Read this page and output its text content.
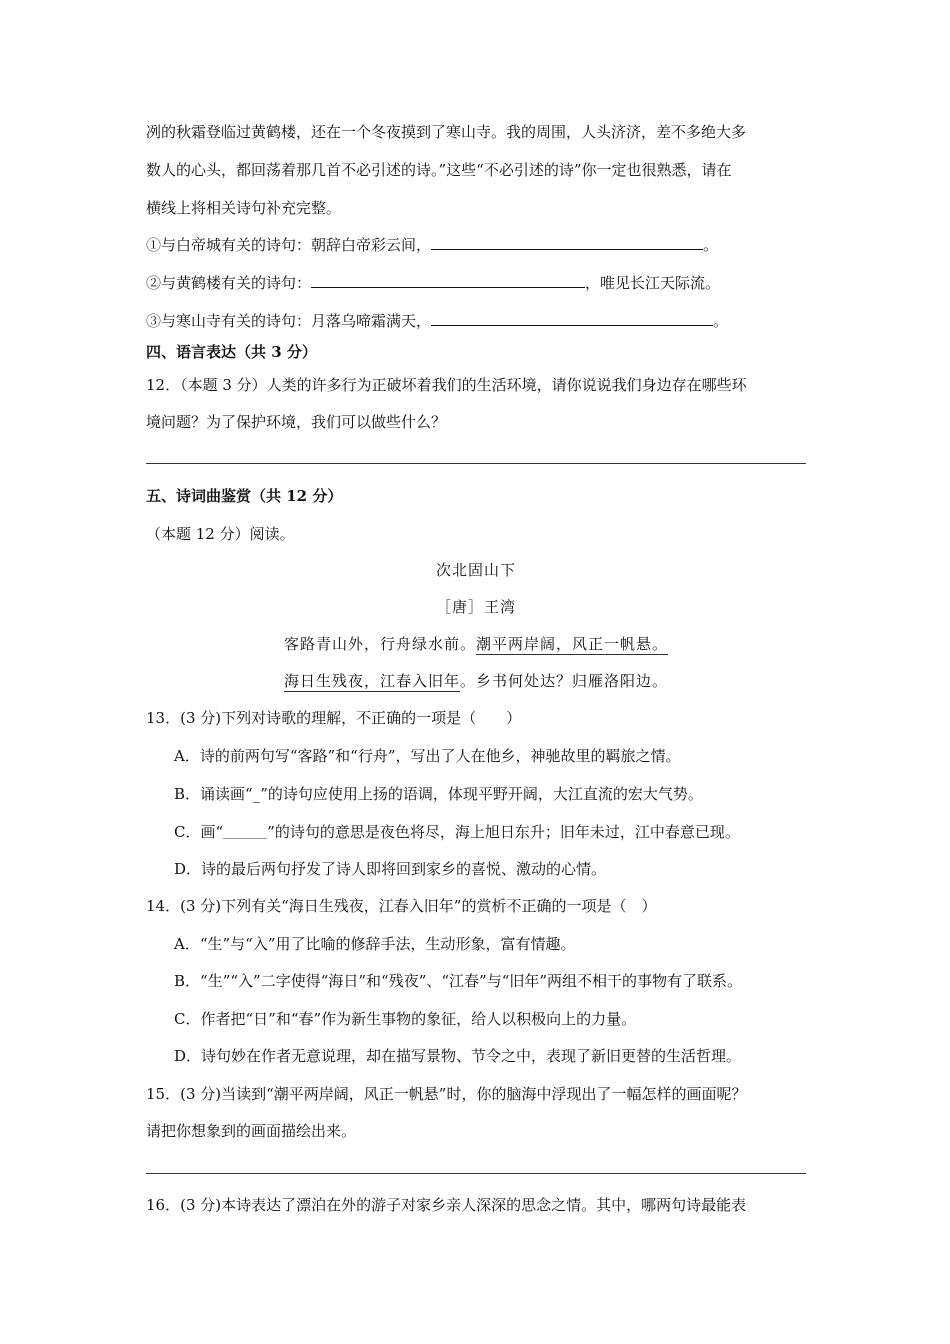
冽的秋霜登临过黄鹤楼，还在一个冬夜摸到了寒山寺。我的周围，人头济济，差不多绝大多
数人的心头，都回荡着那几首不必引述的诗。”这些“不必引述的诗”你一定也很熟悉，请在
横线上将相关诗句补充完整。
①与白帝城有关的诗句：朝辞白帝彩云间，	。
②与黄鹤楼有关的诗句：	，唯见长江天际流。
③与寒山寺有关的诗句：月落乌啼霜满天，	。
四、语言表达（共 3 分）
12．（本题 3 分）人类的许多行为正破坏着我们的生活环境，请你说说我们身边存在哪些环
境问题？为了保护环境，我们可以做些什么？
五、诗词曲鉴赏（共 12 分）
（本题 12 分）阅读。
次北固山下
［唐］王湾
客路青山外，行舟绿水前。潮平两岸阔，风正一帆悬。
海日生残夜，江春入旧年。乡书何处达？归雁洛阳边。
13．(3 分)下列对诗歌的理解，不正确的一项是（　　）
A．诗的前两句写“客路”和“行舟”，写出了人在他乡，神驰故里的羁旅之情。
B．诵读画“_”的诗句应使用上扬的语调，体现平野开阔，大江直流的宏大气势。
C．画“＿＿＿＿”的诗句的意思是夜色将尽，海上旭日东升；旧年未过，江中春意已现。
D．诗的最后两句抒发了诗人即将回到家乡的喜悦、激动的心情。
14．(3 分)下列有关“海日生残夜，江春入旧年”的赏析不正确的一项是（　）
A．“生”与“入”用了比喻的修辞手法，生动形象，富有情趣。
B．“生”“入”二字使得“海日”和“残夜”、“江春”与“旧年”两组不相干的事物有了联系。
C．作者把“日”和“春”作为新生事物的象征，给人以积极向上的力量。
D．诗句妙在作者无意说理，却在描写景物、节令之中，表现了新旧更替的生活哲理。
15．(3 分)当读到“潮平两岸阔，风正一帆悬”时，你的脑海中浮现出了一幅怎样的画面呢？
请把你想象到的画面描绘出来。
16．(3 分)本诗表达了漂泊在外的游子对家乡亲人深深的思念之情。其中，哪两句诗最能表
